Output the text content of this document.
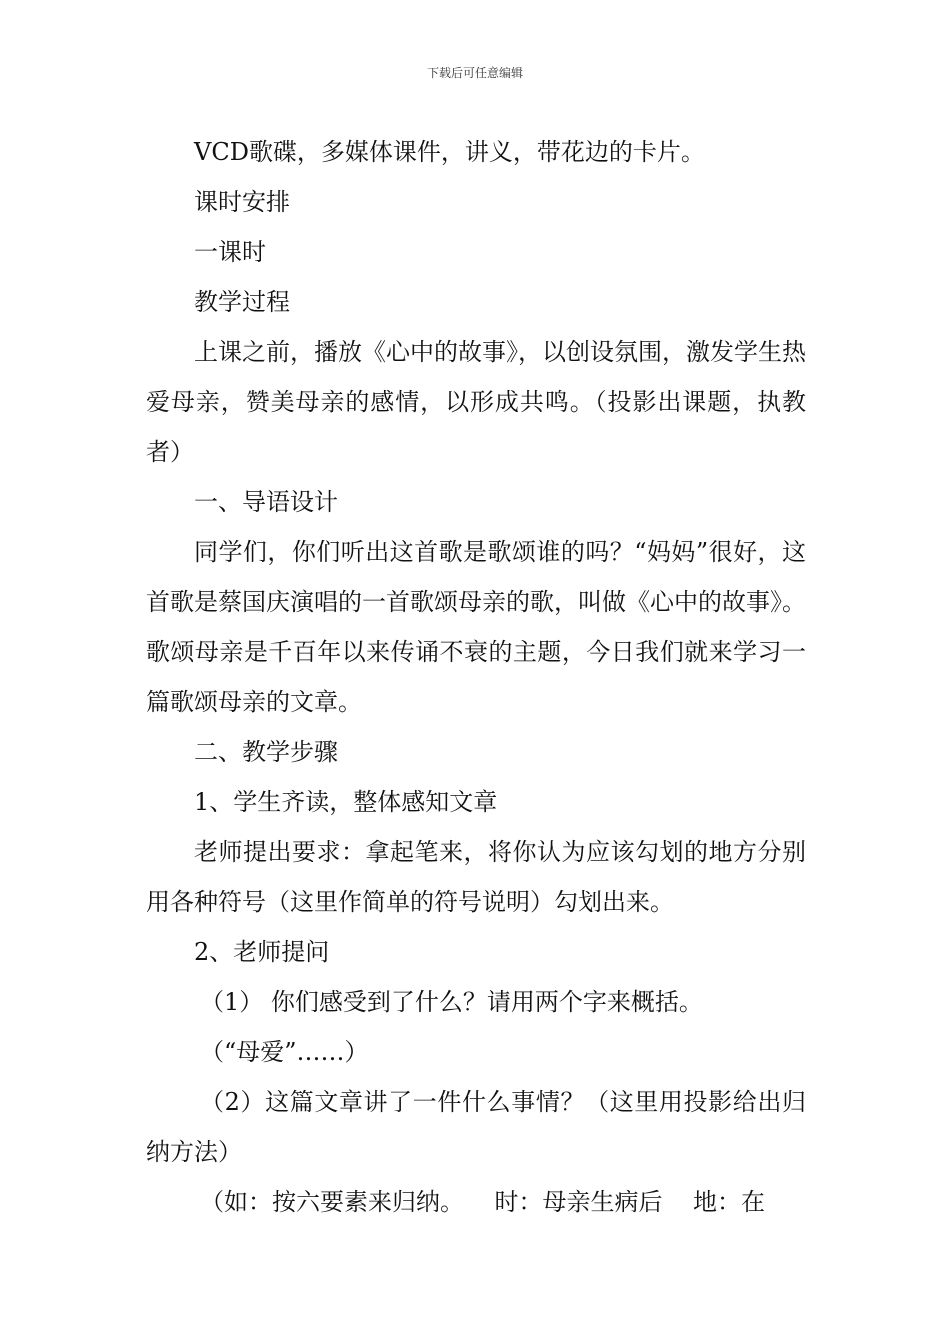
下载后可任意编辑

VCD歌碟，多媒体课件，讲义，带花边的卡片。

课时安排

一课时

教学过程

上课之前，播放《心中的故事》，以创设氛围，激发学生热爱母亲，赞美母亲的感情，以形成共鸣。（投影出课题，执教者）

一、导语设计

同学们，你们听出这首歌是歌颂谁的吗？“妈妈”很好，这首歌是蔡国庆演唱的一首歌颂母亲的歌，叫做《心中的故事》。歌颂母亲是千百年以来传诵不衰的主题，今日我们就来学习一篇歌颂母亲的文章。

二、教学步骤

1、学生齐读，整体感知文章

老师提出要求：拿起笔来，将你认为应该勾划的地方分别用各种符号（这里作简单的符号说明）勾划出来。

2、老师提问

（1） 你们感受到了什么？请用两个字来概括。

（“母爱”……）

（2）这篇文章讲了一件什么事情？（这里用投影给出归纳方法）

（如：按六要素来归纳。    时：母亲生病后    地：在
